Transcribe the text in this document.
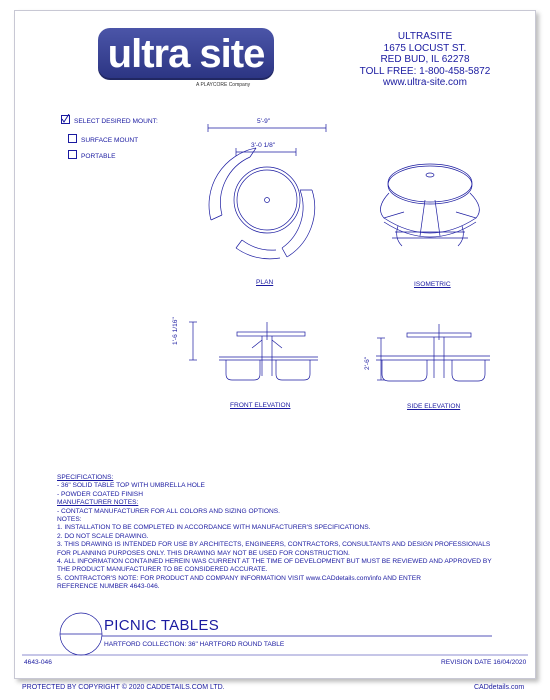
ultra site
A PLAYCORE Company
ULTRASITE
1675 LOCUST ST.
RED BUD, IL 62278
TOLL FREE: 1-800-458-5872
www.ultra-site.com
SELECT DESIRED MOUNT:
SURFACE MOUNT
PORTABLE
5'-9"
3'-0 1/8"
PLAN	ISOMETRIC
1'-6 1/16"
2'-6"
FRONT ELEVATION	SIDE ELEVATION
SPECIFICATIONS:
- 36" SOLID TABLE TOP WITH UMBRELLA HOLE
- POWDER COATED FINISH
MANUFACTURER NOTES:
- CONTACT MANUFACTURER FOR ALL COLORS AND SIZING OPTIONS.
NOTES:
1. INSTALLATION TO BE COMPLETED IN ACCORDANCE WITH MANUFACTURER'S SPECIFICATIONS.
2. DO NOT SCALE DRAWING.
3. THIS DRAWING IS INTENDED FOR USE BY ARCHITECTS, ENGINEERS, CONTRACTORS, CONSULTANTS AND DESIGN PROFESSIONALS
FOR PLANNING PURPOSES ONLY. THIS DRAWING MAY NOT BE USED FOR CONSTRUCTION.
4. ALL INFORMATION CONTAINED HEREIN WAS CURRENT AT THE TIME OF DEVELOPMENT BUT MUST BE REVIEWED AND APPROVED BY
THE PRODUCT MANUFACTURER TO BE CONSIDERED ACCURATE.
5. CONTRACTOR'S NOTE: FOR PRODUCT AND COMPANY INFORMATION VISIT www.CADdetails.com/info AND ENTER
REFERENCE NUMBER 4643-046.
PICNIC TABLES
HARTFORD COLLECTION: 36" HARTFORD ROUND TABLE
4643-046	REVISION DATE 16/04/2020
PROTECTED BY COPYRIGHT © 2020 CADDETAILS.COM LTD.	CADdetails.com
